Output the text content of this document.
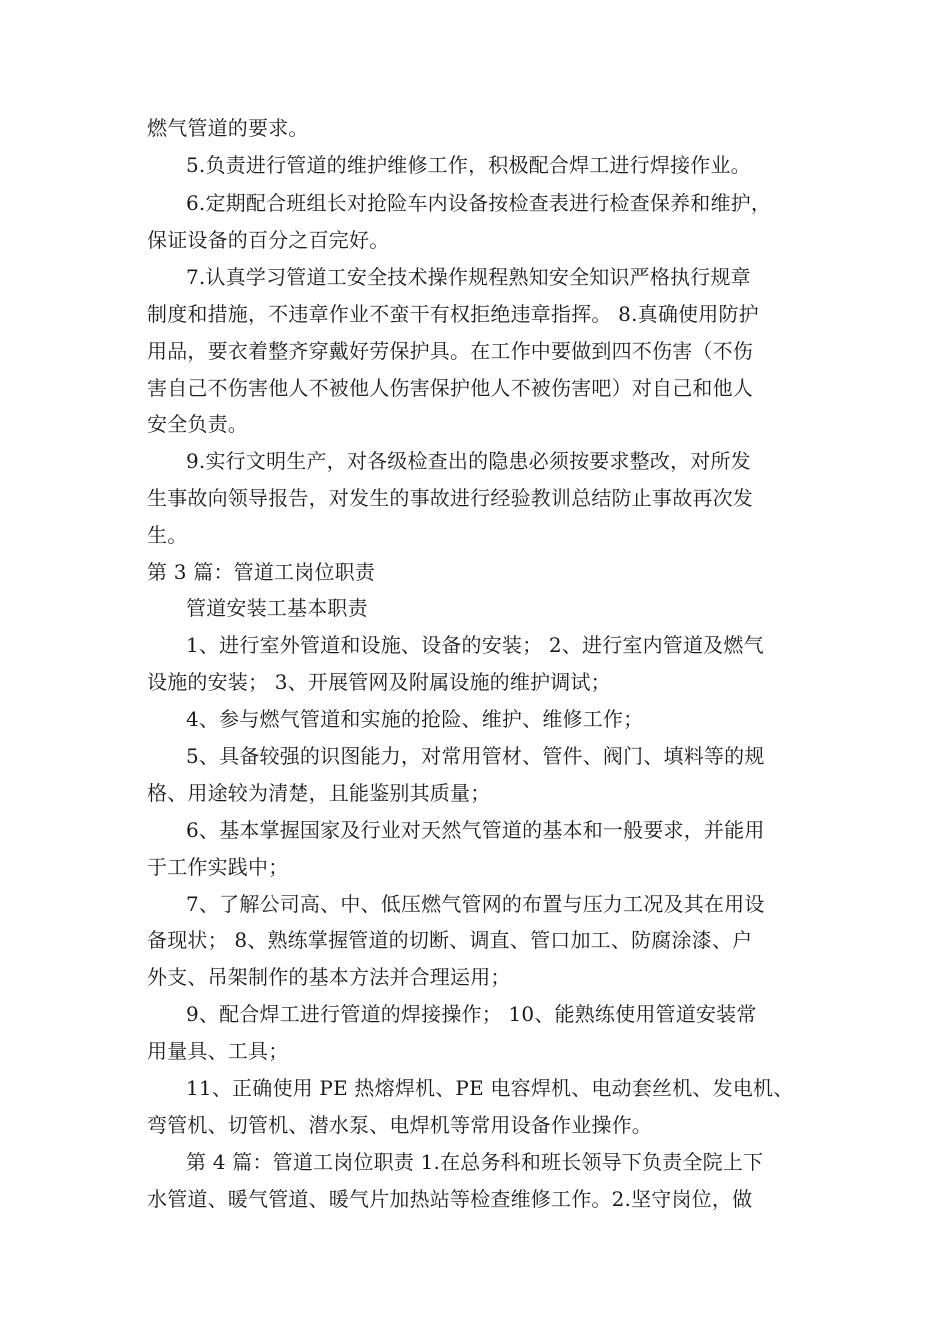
燃气管道的要求。
5.负责进行管道的维护维修工作，积极配合焊工进行焊接作业。
6.定期配合班组长对抢险车内设备按检查表进行检查保养和维护，
保证设备的百分之百完好。
7.认真学习管道工安全技术操作规程熟知安全知识严格执行规章
制度和措施，不违章作业不蛮干有权拒绝违章指挥。 8.真确使用防护
用品，要衣着整齐穿戴好劳保护具。在工作中要做到四不伤害（不伤
害自己不伤害他人不被他人伤害保护他人不被伤害吧）对自己和他人
安全负责。
9.实行文明生产，对各级检查出的隐患必须按要求整改，对所发
生事故向领导报告，对发生的事故进行经验教训总结防止事故再次发
生。
第 3 篇：管道工岗位职责
管道安装工基本职责
1、进行室外管道和设施、设备的安装； 2、进行室内管道及燃气
设施的安装； 3、开展管网及附属设施的维护调试；
4、参与燃气管道和实施的抢险、维护、维修工作；
5、具备较强的识图能力，对常用管材、管件、阀门、填料等的规
格、用途较为清楚，且能鉴别其质量；
6、基本掌握国家及行业对天然气管道的基本和一般要求，并能用
于工作实践中；
7、了解公司高、中、低压燃气管网的布置与压力工况及其在用设
备现状； 8、熟练掌握管道的切断、调直、管口加工、防腐涂漆、户
外支、吊架制作的基本方法并合理运用；
9、配合焊工进行管道的焊接操作； 10、能熟练使用管道安装常
用量具、工具；
11、正确使用 PE 热熔焊机、PE 电容焊机、电动套丝机、发电机、
弯管机、切管机、潜水泵、电焊机等常用设备作业操作。
第 4 篇：管道工岗位职责 1.在总务科和班长领导下负责全院上下
水管道、暖气管道、暖气片加热站等检查维修工作。2.坚守岗位，做
